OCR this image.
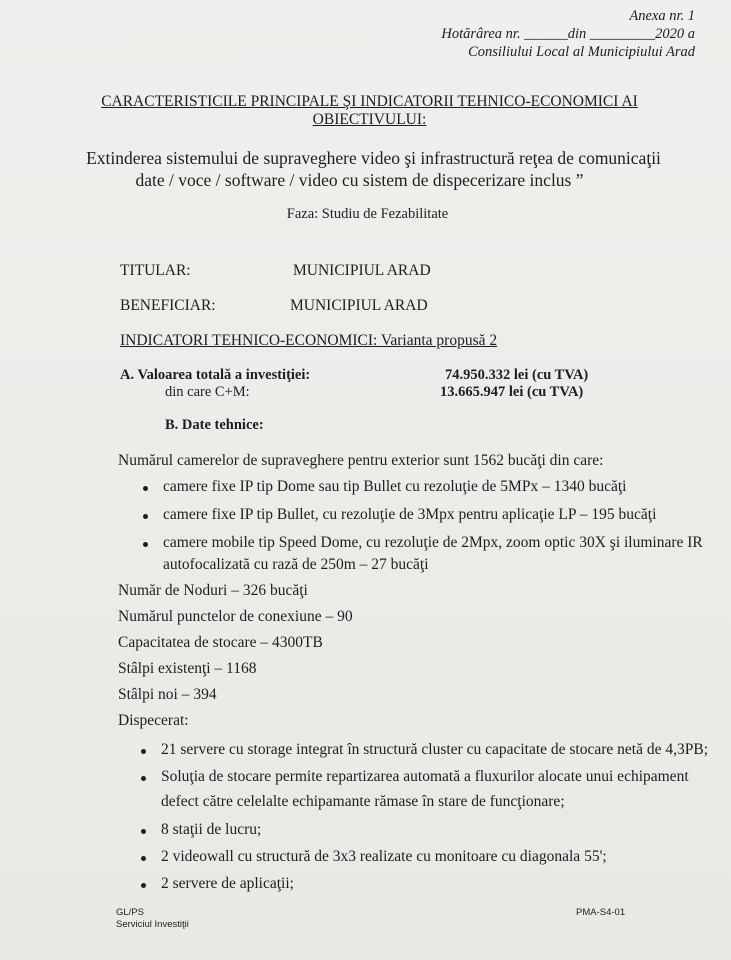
Anexa nr. 1
Hotărârea nr. ______din _________2020 a
Consiliului Local al Municipiului Arad
CARACTERISTICILE PRINCIPALE ŞI INDICATORII TEHNICO-ECONOMICI AI
OBIECTIVULUI:
Extinderea sistemului de supraveghere video şi infrastructură reţea de comunicaţii
date / voce / software / video cu sistem de dispecerizare inclus ”
Faza: Studiu de Fezabilitate
TITULAR:	MUNICIPIUL ARAD
BENEFICIAR:	MUNICIPIUL ARAD
INDICATORI TEHNICO-ECONOMICI: Varianta propusă 2
A. Valoarea totală a investiţiei:	74.950.332 lei (cu TVA)
din care C+M:	13.665.947 lei (cu TVA)
B. Date tehnice:
Numărul camerelor de supraveghere pentru exterior sunt 1562 bucăţi din care:
camere fixe IP tip Dome sau tip Bullet cu rezoluţie de 5MPx – 1340 bucăţi
camere fixe IP tip Bullet, cu rezoluţie de 3Mpx pentru aplicaţie LP – 195 bucăţi
camere mobile tip Speed Dome, cu rezoluţie de 2Mpx, zoom optic 30X şi iluminare IR
autofocalizată cu rază de 250m – 27 bucăţi
Număr de Noduri – 326 bucăţi
Numărul punctelor de conexiune – 90
Capacitatea de stocare – 4300TB
Stâlpi existenţi – 1168
Stâlpi noi – 394
Dispecerat:
21 servere cu storage integrat în structură cluster cu capacitate de stocare netă de 4,3PB;
Soluţia de stocare permite repartizarea automată a fluxurilor alocate unui echipament
defect către celelalte echipamante rămase în stare de funcţionare;
8 staţii de lucru;
2 videowall cu structură de 3x3 realizate cu monitoare cu diagonala 55';
2 servere de aplicaţii;
GL/PS
Serviciul Investiţii
PMA-S4-01
